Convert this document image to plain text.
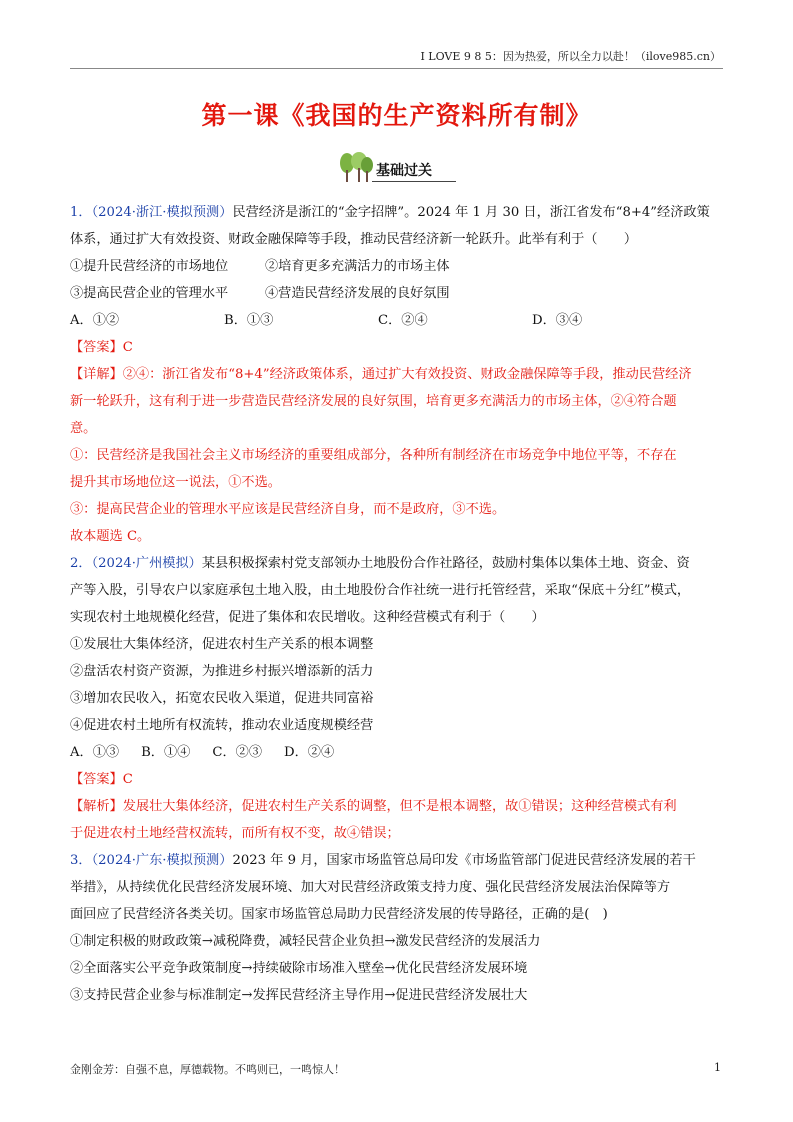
I LOVE 9 8 5：因为热爱，所以全力以赴！（ilove985.cn）
第一课《我国的生产资料所有制》
基础过关

1．（2024·浙江·模拟预测）民营经济是浙江的“金字招牌”。2024 年 1 月 30 日，浙江省发布“8+4”经济政策

体系，通过扩大有效投资、财政金融保障等手段，推动民营经济新一轮跃升。此举有利于（　　）

①提升民营经济的市场地位	②培育更多充满活力的市场主体

③提高民营企业的管理水平	④营造民营经济发展的良好氛围

A．①②	B．①③	C．②④	D．③④

【答案】C

【详解】②④：浙江省发布“8+4”经济政策体系，通过扩大有效投资、财政金融保障等手段，推动民营经济

新一轮跃升，这有利于进一步营造民营经济发展的良好氛围，培育更多充满活力的市场主体，②④符合题

意。

①：民营经济是我国社会主义市场经济的重要组成部分，各种所有制经济在市场竞争中地位平等，不存在

提升其市场地位这一说法，①不选。

③：提高民营企业的管理水平应该是民营经济自身，而不是政府，③不选。

故本题选 C。

2．（2024·广州模拟）某县积极探索村党支部领办土地股份合作社路径，鼓励村集体以集体土地、资金、资

产等入股，引导农户以家庭承包土地入股，由土地股份合作社统一进行托管经营，采取“保底＋分红”模式，

实现农村土地规模化经营，促进了集体和农民增收。这种经营模式有利于（　　）

①发展壮大集体经济，促进农村生产关系的根本调整

②盘活农村资产资源，为推进乡村振兴增添新的活力

③增加农民收入，拓宽农民收入渠道，促进共同富裕

④促进农村土地所有权流转，推动农业适度规模经营

A．①③ B．①④ C．②③ D．②④

【答案】C

【解析】发展壮大集体经济，促进农村生产关系的调整，但不是根本调整，故①错误；这种经营模式有利

于促进农村土地经营权流转，而所有权不变，故④错误；

3．（2024·广东·模拟预测）2023 年 9 月，国家市场监管总局印发《市场监管部门促进民营经济发展的若干

举措》，从持续优化民营经济发展环境、加大对民营经济政策支持力度、强化民营经济发展法治保障等方

面回应了民营经济各类关切。国家市场监管总局助力民营经济发展的传导路径，正确的是(　)

①制定积极的财政政策→减税降费，减轻民营企业负担→激发民营经济的发展活力

②全面落实公平竞争政策制度→持续破除市场准入壁垒→优化民营经济发展环境

③支持民营企业参与标准制定→发挥民营经济主导作用→促进民营经济发展壮大

金刚金芳：自强不息，厚德载物。不鸣则已，一鸣惊人！	1
